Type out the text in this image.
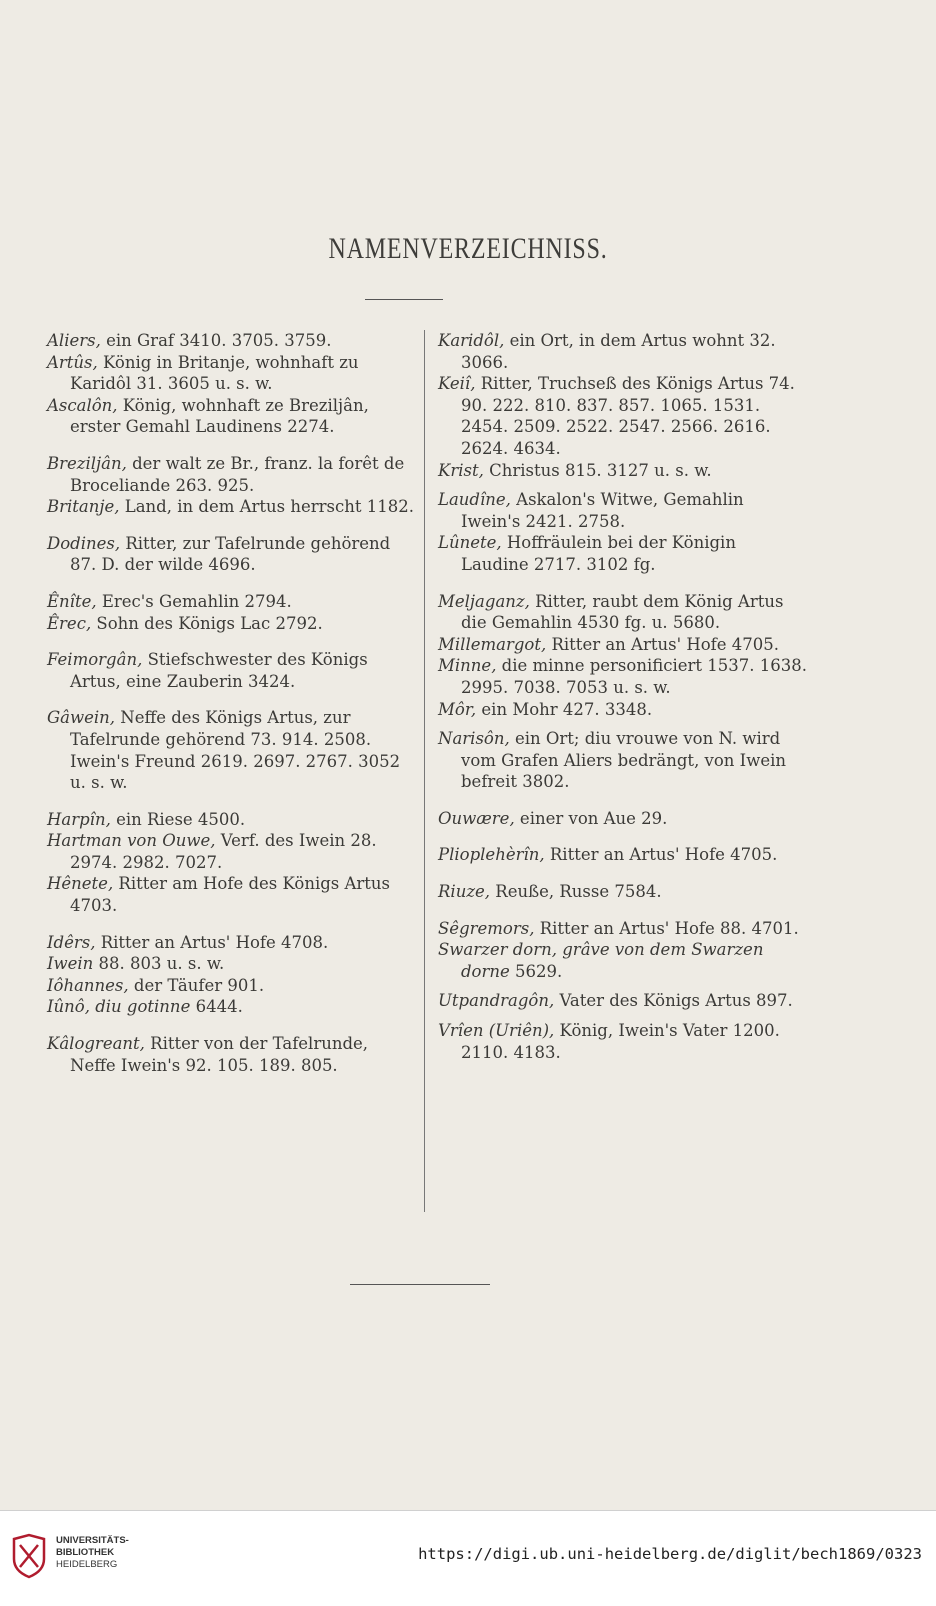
NAMENVERZEICHNISS.

Aliers, ein Graf 3410. 3705. 3759.

Artûs, König in Britanje, wohnhaft zu Karidôl 31. 3605 u. s. w.

Ascalôn, König, wohnhaft ze Breziljân, erster Gemahl Laudinens 2274.

Breziljân, der walt ze Br., franz. la forêt de Broceliande 263. 925.

Britanje, Land, in dem Artus herrscht 1182.

Dodines, Ritter, zur Tafelrunde gehörend 87. D. der wilde 4696.

Ênîte, Erec's Gemahlin 2794.

Êrec, Sohn des Königs Lac 2792.

Feimorgân, Stiefschwester des Königs Artus, eine Zauberin 3424.

Gâwein, Neffe des Königs Artus, zur Tafelrunde gehörend 73. 914. 2508. Iwein's Freund 2619. 2697. 2767. 3052 u. s. w.

Harpîn, ein Riese 4500.

Hartman von Ouwe, Verf. des Iwein 28. 2974. 2982. 7027.

Hênete, Ritter am Hofe des Königs Artus 4703.

Idêrs, Ritter an Artus' Hofe 4708.

Iwein 88. 803 u. s. w.

Iôhannes, der Täufer 901.

Iûnô, diu gotinne 6444.

Kâlogreant, Ritter von der Tafelrunde, Neffe Iwein's 92. 105. 189. 805.

Karidôl, ein Ort, in dem Artus wohnt 32. 3066.

Keiî, Ritter, Truchseß des Königs Artus 74. 90. 222. 810. 837. 857. 1065. 1531. 2454. 2509. 2522. 2547. 2566. 2616. 2624. 4634.

Krist, Christus 815. 3127 u. s. w.

Laudîne, Askalon's Witwe, Gemahlin Iwein's 2421. 2758.

Lûnete, Hoffräulein bei der Königin Laudine 2717. 3102 fg.

Meljaganz, Ritter, raubt dem König Artus die Gemahlin 4530 fg. u. 5680.

Millemargot, Ritter an Artus' Hofe 4705.

Minne, die minne personificiert 1537. 1638. 2995. 7038. 7053 u. s. w.

Môr, ein Mohr 427. 3348.

Narisôn, ein Ort; diu vrouwe von N. wird vom Grafen Aliers bedrängt, von Iwein befreit 3802.

Ouwære, einer von Aue 29.

Plioplehèrîn, Ritter an Artus' Hofe 4705.

Riuze, Reuße, Russe 7584.

Sêgremors, Ritter an Artus' Hofe 88. 4701.

Swarzer dorn, grâve von dem Swarzen dorne 5629.

Utpandragôn, Vater des Königs Artus 897.

Vrîen (Uriên), König, Iwein's Vater 1200. 2110. 4183.

UNIVERSITÄTS-
BIBLIOTHEK
HEIDELBERG
https://digi.ub.uni-heidelberg.de/diglit/bech1869/0323
